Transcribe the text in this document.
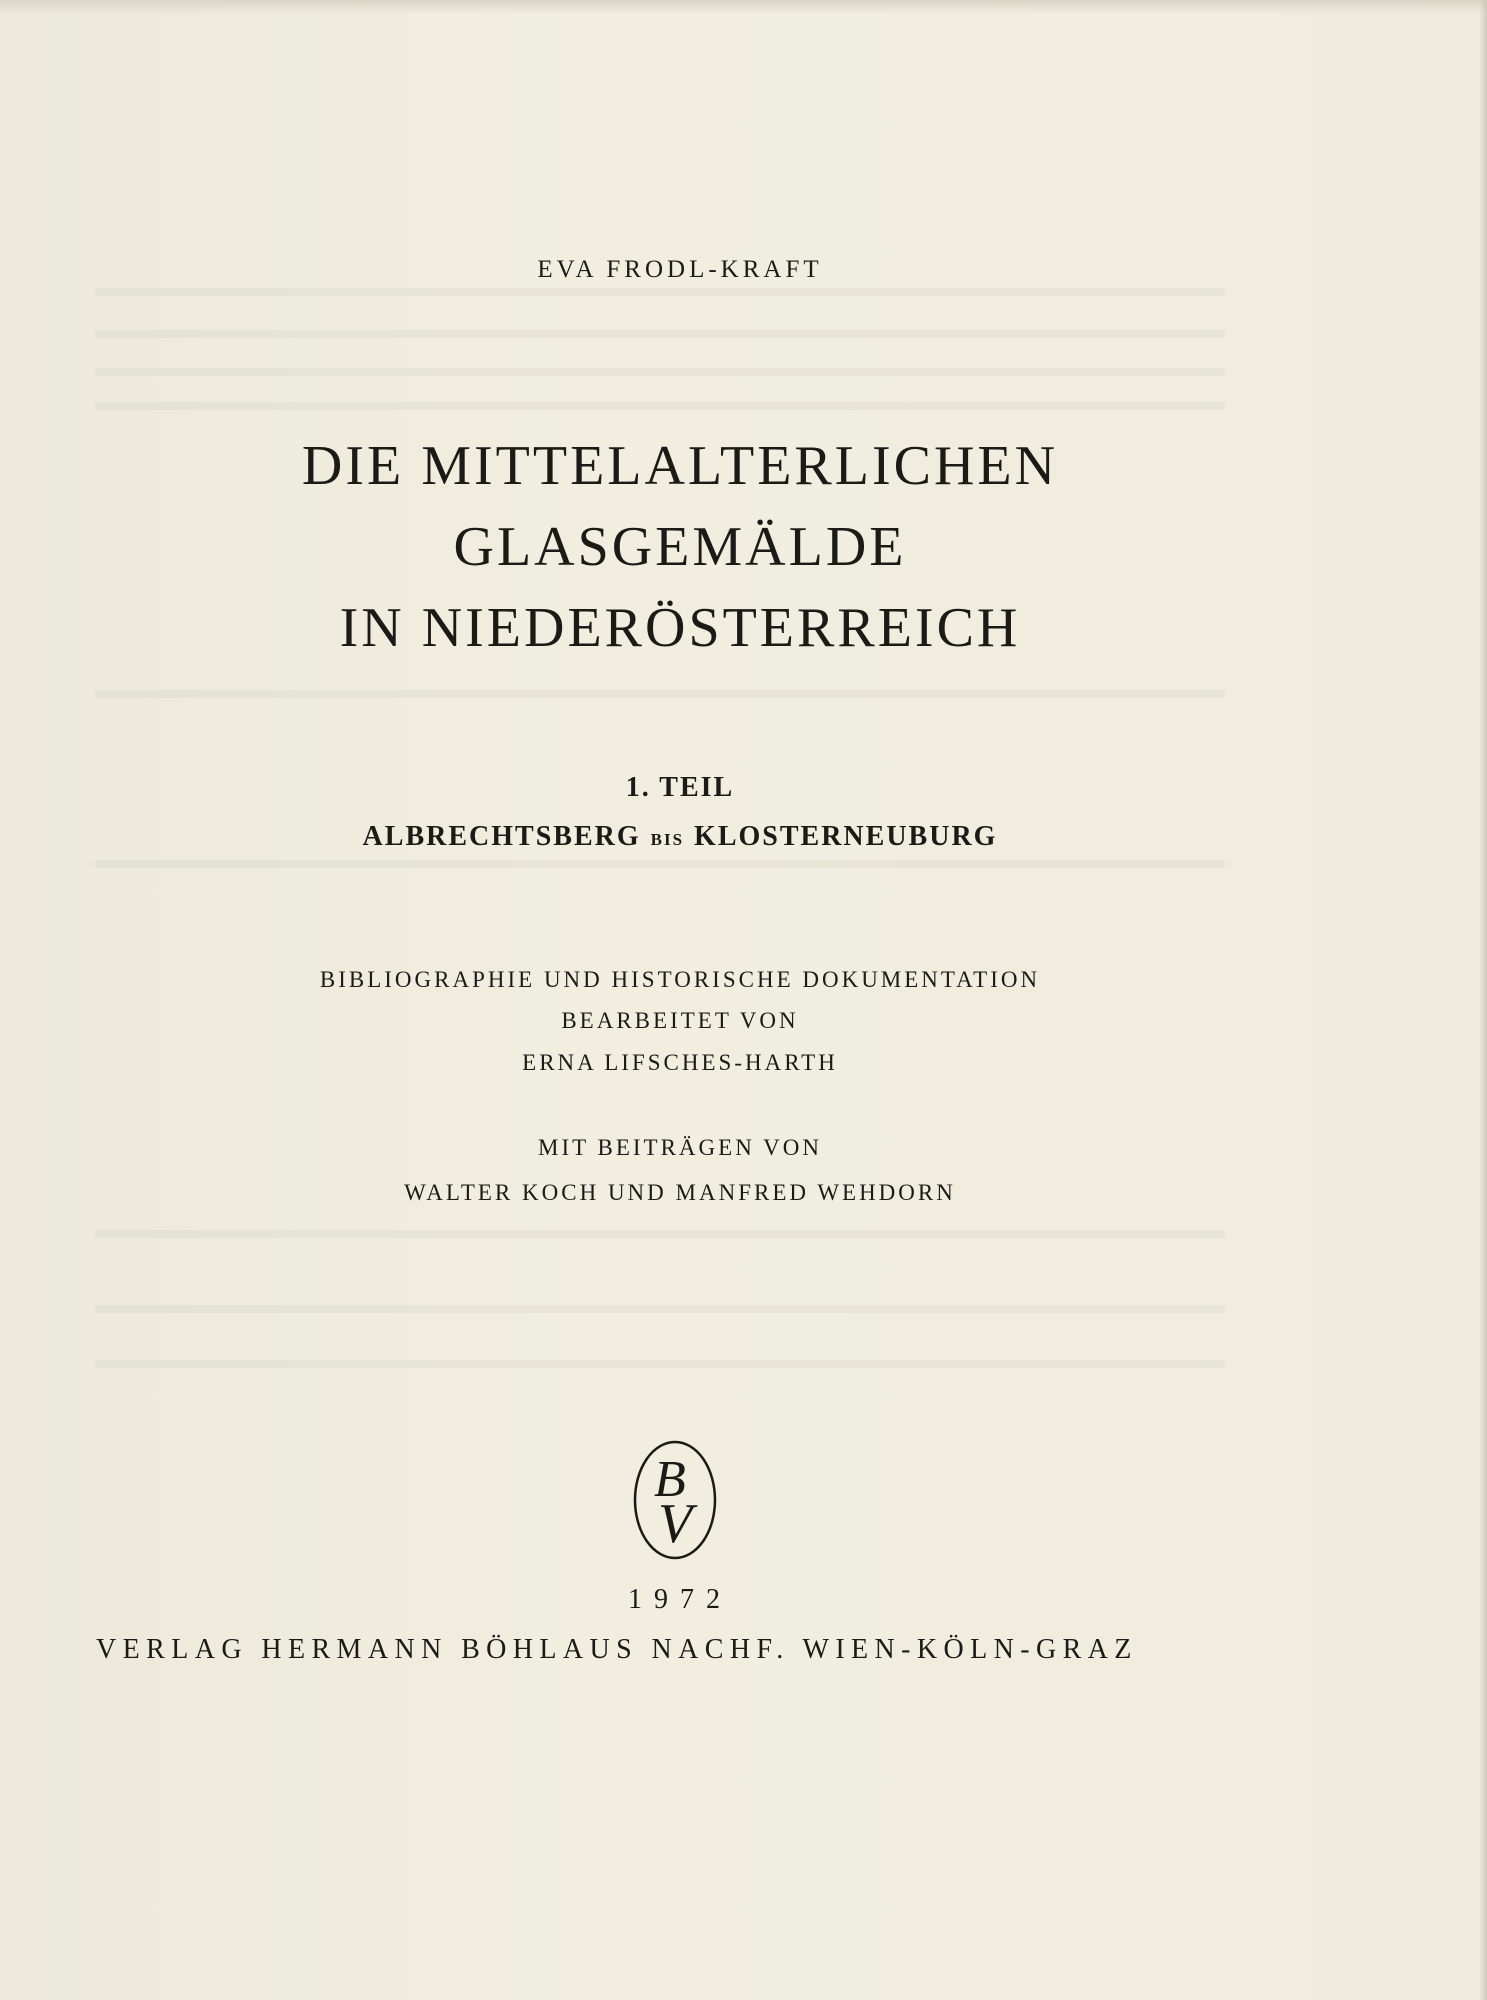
EVA FRODL-KRAFT
DIE MITTELALTERLICHEN
GLASGEMÄLDE
IN NIEDERÖSTERREICH
1. TEIL
ALBRECHTSBERG BIS KLOSTERNEUBURG
BIBLIOGRAPHIE UND HISTORISCHE DOKUMENTATION
BEARBEITET VON
ERNA LIFSCHES-HARTH
MIT BEITRÄGEN VON
WALTER KOCH UND MANFRED WEHDORN
B
V
1972
VERLAG HERMANN BÖHLAUS NACHF. WIEN-KÖLN-GRAZ
